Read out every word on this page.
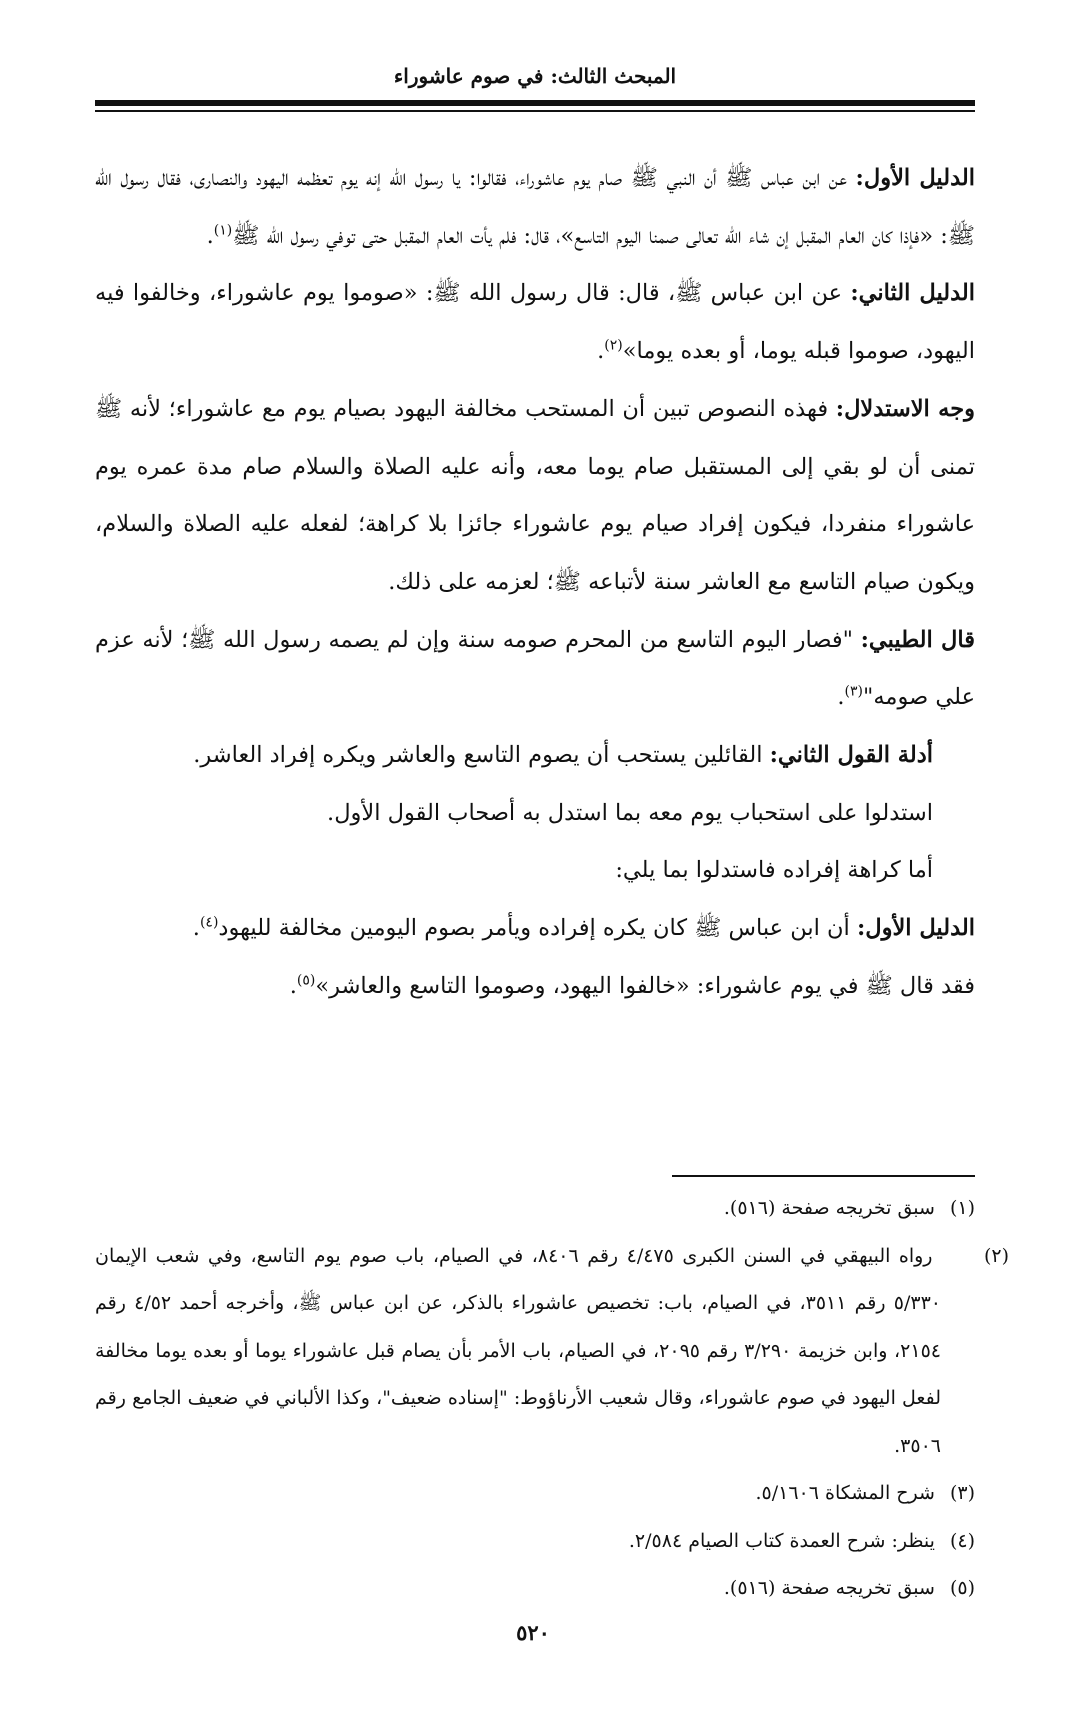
المبحث الثالث: في صوم عاشوراء

الدليل الأول: عن ابن عباس ﷺ أن النبي ﷺ صام يوم عاشوراء، فقالوا: يا رسول الله إنه يوم تعظمه اليهود والنصارى، فقال رسول الله ﷺ: «فإذا كان العام المقبل إن شاء الله تعالى صمنا اليوم التاسع»، قال: فلم يأت العام المقبل حتى توفي رسول الله ﷺ$^{(١)}$.

الدليل الثاني: عن ابن عباس ﷺ، قال: قال رسول الله ﷺ: «صوموا يوم عاشوراء، وخالفوا فيه اليهود، صوموا قبله يوما، أو بعده يوما»$^{(٢)}$.

وجه الاستدلال: فهذه النصوص تبين أن المستحب مخالفة اليهود بصيام يوم مع عاشوراء؛ لأنه ﷺ تمنى أن لو بقي إلى المستقبل صام يوما معه، وأنه عليه الصلاة والسلام صام مدة عمره يوم عاشوراء منفردا، فيكون إفراد صيام يوم عاشوراء جائزا بلا كراهة؛ لفعله عليه الصلاة والسلام، ويكون صيام التاسع مع العاشر سنة لأتباعه ﷺ؛ لعزمه على ذلك.

قال الطيبي: "فصار اليوم التاسع من المحرم صومه سنة وإن لم يصمه رسول الله ﷺ؛ لأنه عزم علي صومه"$^{(٣)}$.

أدلة القول الثاني: القائلين يستحب أن يصوم التاسع والعاشر ويكره إفراد العاشر.

استدلوا على استحباب يوم معه بما استدل به أصحاب القول الأول.

أما كراهة إفراده فاستدلوا بما يلي:

الدليل الأول: أن ابن عباس ﷺ كان يكره إفراده ويأمر بصوم اليومين مخالفة لليهود$^{(٤)}$.

فقد قال ﷺ في يوم عاشوراء: «خالفوا اليهود، وصوموا التاسع والعاشر»$^{(٥)}$.

(١) سبق تخريجه صفحة (٥١٦).

(٢) رواه البيهقي في السنن الكبرى ٤/٤٧٥ رقم ٨٤٠٦، في الصيام، باب صوم يوم التاسع، وفي شعب الإيمان ٥/٣٣٠ رقم ٣٥١١، في الصيام، باب: تخصيص عاشوراء بالذكر، عن ابن عباس ﷺ، وأخرجه أحمد ٤/٥٢ رقم ٢١٥٤، وابن خزيمة ٣/٢٩٠ رقم ٢٠٩٥، في الصيام، باب الأمر بأن يصام قبل عاشوراء يوما أو بعده يوما مخالفة لفعل اليهود في صوم عاشوراء، وقال شعيب الأرناؤوط: "إسناده ضعيف"، وكذا الألباني في ضعيف الجامع رقم ٣٥٠٦.

(٣) شرح المشكاة ٥/١٦٠٦.

(٤) ينظر: شرح العمدة كتاب الصيام ٢/٥٨٤.

(٥) سبق تخريجه صفحة (٥١٦).

٥٢٠
